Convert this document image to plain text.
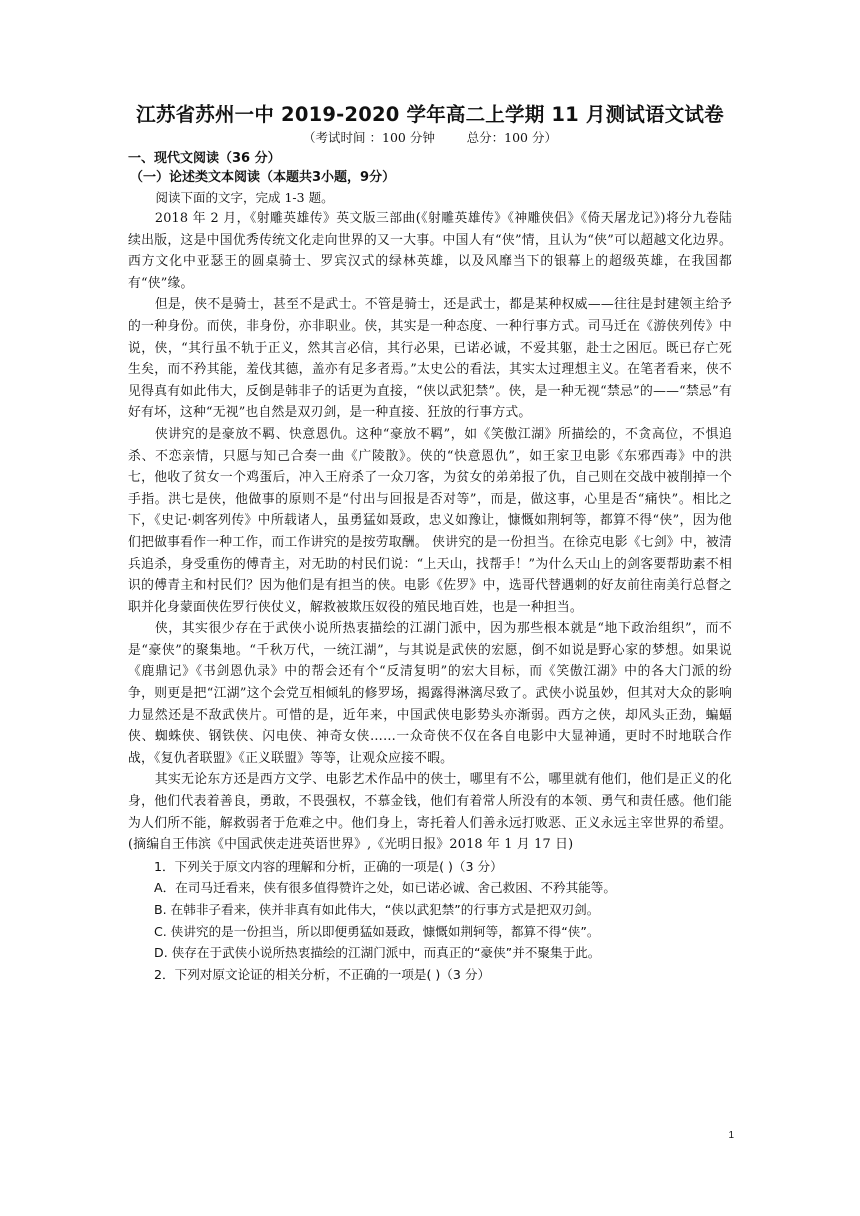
江苏省苏州一中 2019-2020 学年高二上学期 11 月测试语文试卷

（考试时间 ：100 分钟        总分：100 分）

一、现代文阅读（36 分）

（一）论述类文本阅读（本题共3小题，9分）

阅读下面的文字，完成 1-3 题。

2018 年 2 月，《射雕英雄传》英文版三部曲(《射雕英雄传》《神雕侠侣》《倚天屠龙记》)将分九卷陆续出版，这是中国优秀传统文化走向世界的又一大事。中国人有“侠”情，且认为“侠”可以超越文化边界。西方文化中亚瑟王的圆桌骑士、罗宾汉式的绿林英雄，以及风靡当下的银幕上的超级英雄，在我国都有“侠”缘。

但是，侠不是骑士，甚至不是武士。不管是骑士，还是武士，都是某种权威——往往是封建领主给予的一种身份。而侠，非身份，亦非职业。侠，其实是一种态度、一种行事方式。司马迁在《游侠列传》中说，侠，“其行虽不轨于正义，然其言必信，其行必果，已诺必诚，不爱其躯，赴士之困厄。既已存亡死生矣，而不矜其能，羞伐其德，盖亦有足多者焉。”太史公的看法，其实太过理想主义。在笔者看来，侠不见得真有如此伟大，反倒是韩非子的话更为直接，“侠以武犯禁”。侠，是一种无视“禁忌”的——“禁忌”有好有坏，这种“无视”也自然是双刃剑，是一种直接、狂放的行事方式。

侠讲究的是豪放不羁、快意恩仇。这种“豪放不羁”，如《笑傲江湖》所描绘的，不贪高位，不惧追杀、不恋亲情，只愿与知己合奏一曲《广陵散》。侠的“快意恩仇”，如王家卫电影《东邪西毒》中的洪七，他收了贫女一个鸡蛋后，冲入王府杀了一众刀客，为贫女的弟弟报了仇，自己则在交战中被削掉一个手指。洪七是侠，他做事的原则不是“付出与回报是否对等”，而是，做这事，心里是否“痛快”。相比之下，《史记·刺客列传》中所载诸人，虽勇猛如聂政，忠义如豫让，慷慨如荆轲等，都算不得“侠”，因为他们把做事看作一种工作，而工作讲究的是按劳取酬。 侠讲究的是一份担当。在徐克电影《七剑》中，被清兵追杀，身受重伤的傅青主，对无助的村民们说：“上天山，找帮手！”为什么天山上的剑客要帮助素不相识的傅青主和村民们？因为他们是有担当的侠。电影《佐罗》中，选哥代替遇刺的好友前往南美行总督之职并化身蒙面侠佐罗行侠仗义，解救被欺压奴役的殖民地百姓，也是一种担当。

侠，其实很少存在于武侠小说所热衷描绘的江湖门派中，因为那些根本就是“地下政治组织”，而不是“豪侠”的聚集地。“千秋万代，一统江湖”，与其说是武侠的宏愿，倒不如说是野心家的梦想。如果说《鹿鼎记》《书剑恩仇录》中的帮会还有个“反清复明”的宏大目标，而《笑傲江湖》中的各大门派的纷争，则更是把“江湖”这个会党互相倾轧的修罗场，揭露得淋漓尽致了。武侠小说虽妙，但其对大众的影响力显然还是不敌武侠片。可惜的是，近年来，中国武侠电影势头亦渐弱。西方之侠，却风头正劲，蝙蝠侠、蜘蛛侠、钢铁侠、闪电侠、神奇女侠……一众奇侠不仅在各自电影中大显神通，更时不时地联合作战，《复仇者联盟》《正义联盟》等等，让观众应接不暇。

其实无论东方还是西方文学、电影艺术作品中的侠士，哪里有不公，哪里就有他们，他们是正义的化身，他们代表着善良，勇敢，不畏强权，不慕金钱，他们有着常人所没有的本领、勇气和责任感。他们能为人们所不能，解救弱者于危难之中。他们身上，寄托着人们善永远打败恶、正义永远主宰世界的希望。 (摘编自王伟滨《中国武侠走进英语世界》,《光明日报》2018 年 1 月 17 日)

1．下列关于原文内容的理解和分析，正确的一项是( )（3 分）

A．在司马迁看来，侠有很多值得赞许之处，如已诺必诚、舍己救困、不矜其能等。

B. 在韩非子看来，侠并非真有如此伟大，“侠以武犯禁”的行事方式是把双刃剑。

C. 侠讲究的是一份担当，所以即便勇猛如聂政，慷慨如荆轲等，都算不得“侠”。

D. 侠存在于武侠小说所热衷描绘的江湖门派中，而真正的“豪侠”并不聚集于此。

2．下列对原文论证的相关分析，不正确的一项是( )（3 分）

1
